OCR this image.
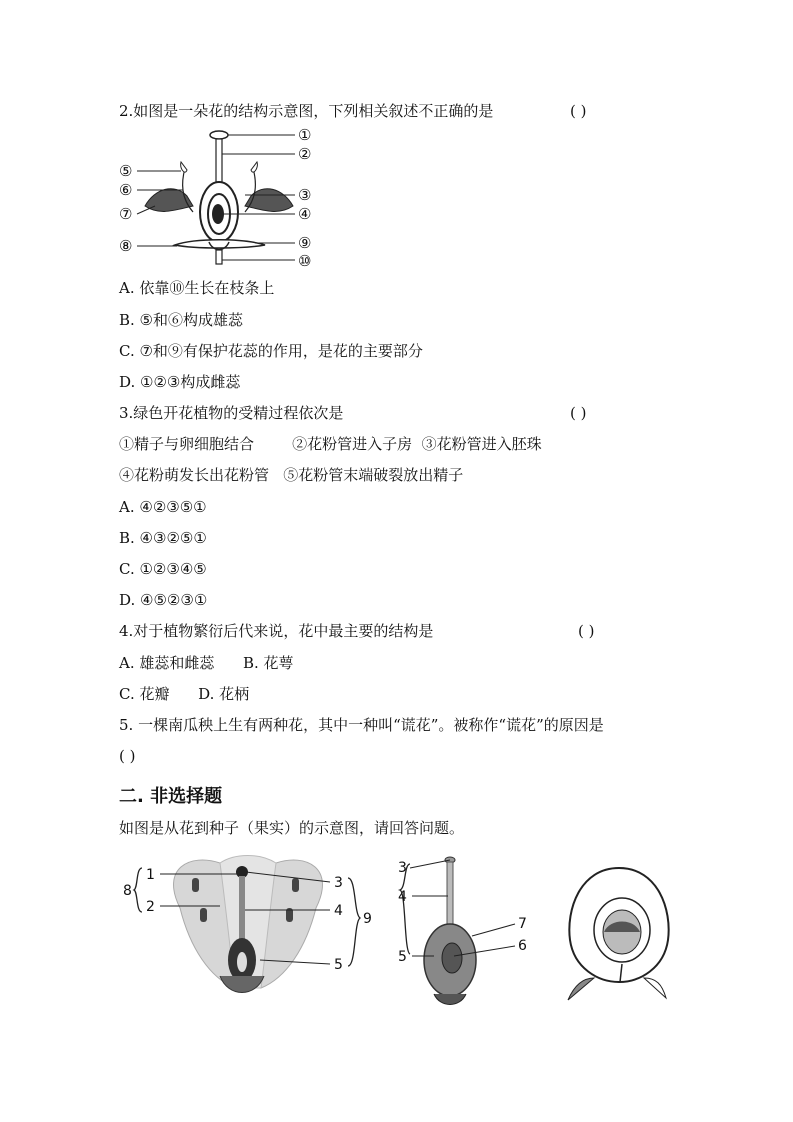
2.如图是一朵花的结构示意图，下列相关叙述不正确的是	( )
①
②
③
④
⑤
⑥
⑦
⑧	⑨
⑩
A. 依靠⑩生长在枝条上
B. ⑤和⑥构成雄蕊
C. ⑦和⑨有保护花蕊的作用，是花的主要部分
D. ①②③构成雌蕊
3.绿色开花植物的受精过程依次是	( )
①精子与卵细胞结合        ②花粉管进入子房  ③花粉管进入胚珠
④花粉萌发长出花粉管   ⑤花粉管末端破裂放出精子
A. ④②③⑤①
B. ④③②⑤①
C. ①②③④⑤
D. ④⑤②③①
4.对于植物繁衍后代来说，花中最主要的结构是	( )
A. 雄蕊和雌蕊      B. 花萼
C. 花瓣      D. 花柄
5. 一棵南瓜秧上生有两种花，其中一种叫“谎花”。被称作“谎花”的原因是
( )
二. 非选择题
如图是从花到种子（果实）的示意图，请回答问题。
1
2
3
4
5
8
9
3
4
5
6
7
